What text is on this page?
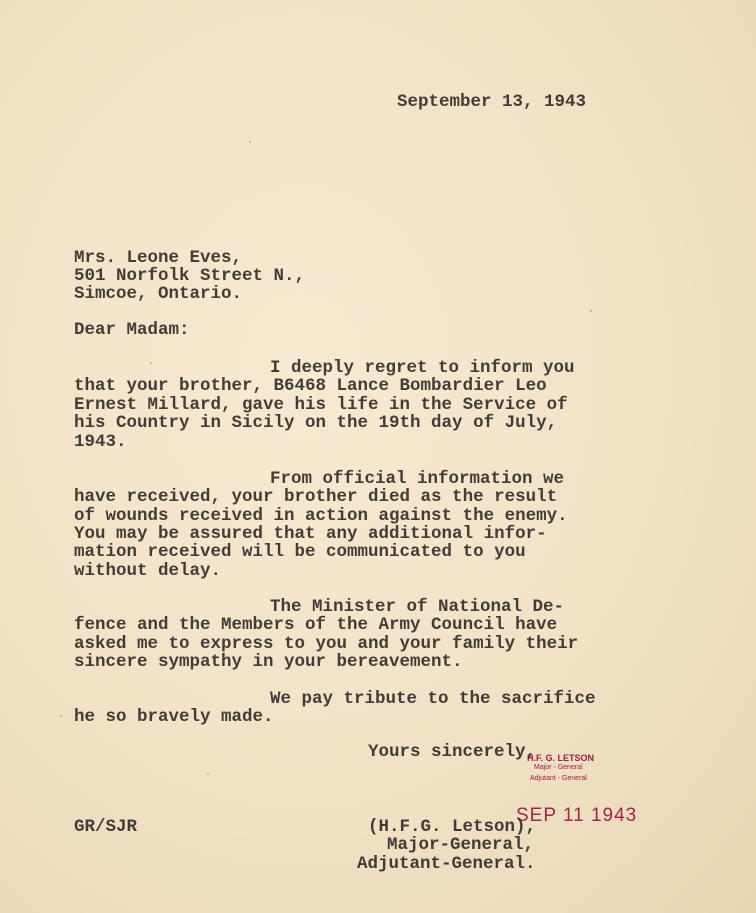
September 13, 1943
Mrs. Leone Eves,
501 Norfolk Street N.,
Simcoe, Ontario.
Dear Madam:
I deeply regret to inform you
that your brother, B6468 Lance Bombardier Leo
Ernest Millard, gave his life in the Service of
his Country in Sicily on the 19th day of July,
1943.
From official information we
have received, your brother died as the result
of wounds received in action against the enemy.
You may be assured that any additional infor-
mation received will be communicated to you
without delay.
The Minister of National De-
fence and the Members of the Army Council have
asked me to express to you and your family their
sincere sympathy in your bereavement.
We pay tribute to the sacrifice
he so bravely made.
Yours sincerely,
H.F. G. LETSON
Major - General
Adjutant - General
SEP 11 1943
GR/SJR	(H.F.G. Letson),
Major-General,
Adjutant-General.
